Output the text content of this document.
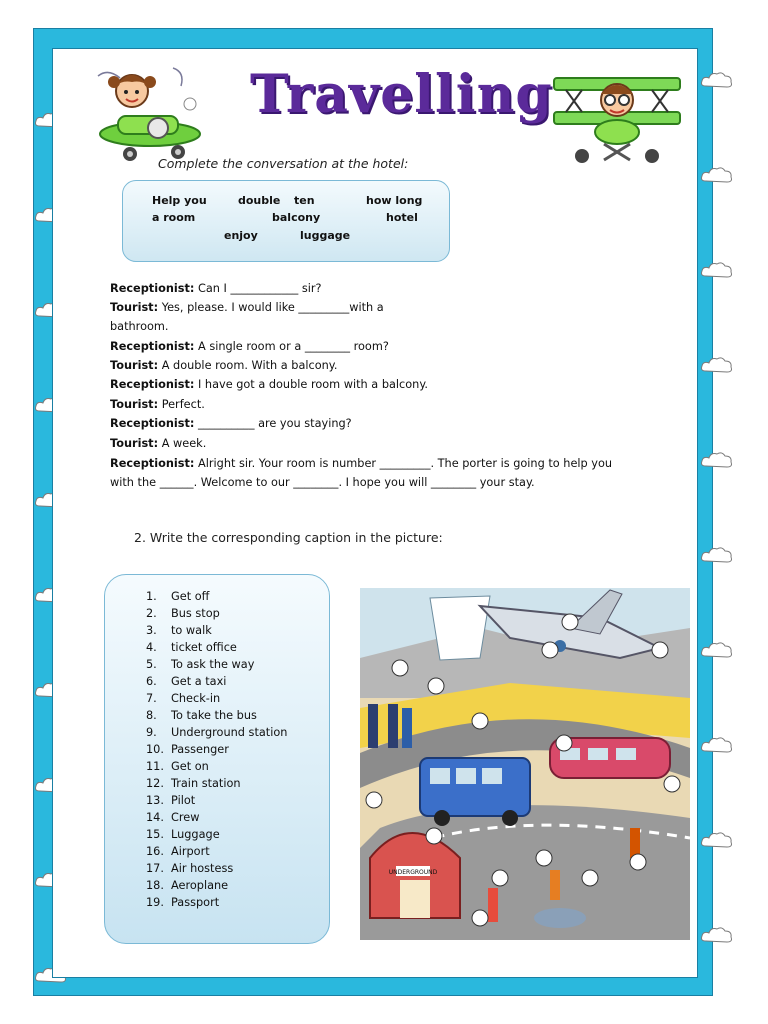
Travelling
Complete the conversation at the hotel:
Help you	double ten	how long
a room	balcony	hotel
enjoy	luggage
Receptionist: Can I ____________ sir?
Tourist: Yes, please. I would like _________with a
bathroom.
Receptionist: A single room or a ________ room?
Tourist: A double room. With a balcony.
Receptionist: I have got a double room with a balcony.
Tourist: Perfect.
Receptionist: __________ are you staying?
Tourist: A week.
Receptionist: Alright sir. Your room is number _________. The porter is going to help you
with the ______. Welcome to our ________. I hope you will ________ your stay.
2. Write the corresponding caption in the picture:
1. Get off
2. Bus stop
3. to walk
4. ticket office
5. To ask the way
6. Get a taxi
7. Check-in
8. To take the bus
9. Underground station
10. Passenger
11. Get on
12. Train station
13. Pilot
14. Crew
15. Luggage
16. Airport
17. Air hostess
18. Aeroplane
19. Passport
UNDERGROUND
